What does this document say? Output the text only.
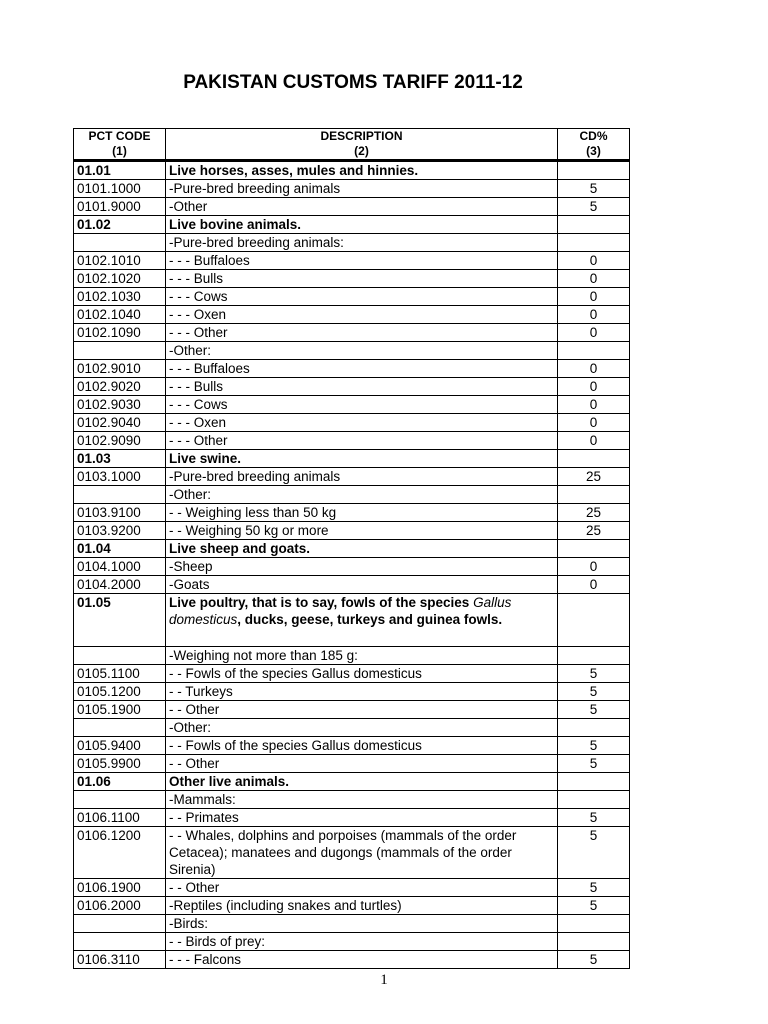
PAKISTAN CUSTOMS TARIFF 2011-12
PCT CODE	DESCRIPTION	CD%
(1)	(2)	(3)
01.01	Live horses, asses, mules and hinnies.	
0101.1000	-Pure-bred breeding animals	5
0101.9000	-Other	5
01.02	Live bovine animals.	
	-Pure-bred breeding animals:	
0102.1010	- - - Buffaloes	0
0102.1020	- - - Bulls	0
0102.1030	- - - Cows	0
0102.1040	- - - Oxen	0
0102.1090	- - - Other	0
	-Other:	
0102.9010	- - - Buffaloes	0
0102.9020	- - - Bulls	0
0102.9030	- - - Cows	0
0102.9040	- - - Oxen	0
0102.9090	- - - Other	0
01.03	Live swine.	
0103.1000	-Pure-bred breeding animals	25
	-Other:	
0103.9100	- - Weighing less than 50 kg	25
0103.9200	- - Weighing 50 kg or more	25
01.04	Live sheep and goats.	
0104.1000	-Sheep	0
0104.2000	-Goats	0
01.05	Live poultry, that is to say, fowls of the species Gallus domesticus, ducks, geese, turkeys and guinea fowls.	
	-Weighing not more than 185 g:	
0105.1100	- - Fowls of the species Gallus domesticus	5
0105.1200	- - Turkeys	5
0105.1900	- - Other	5
	-Other:	
0105.9400	- - Fowls of the species Gallus domesticus	5
0105.9900	- - Other	5
01.06	Other live animals.	
	-Mammals:	
0106.1100	- - Primates	5
0106.1200	- - Whales, dolphins and porpoises (mammals of the order Cetacea); manatees and dugongs (mammals of the order Sirenia)	5
0106.1900	- - Other	5
0106.2000	-Reptiles (including snakes and turtles)	5
	-Birds:	
	- - Birds of prey:	
0106.3110	- - - Falcons	5
1
